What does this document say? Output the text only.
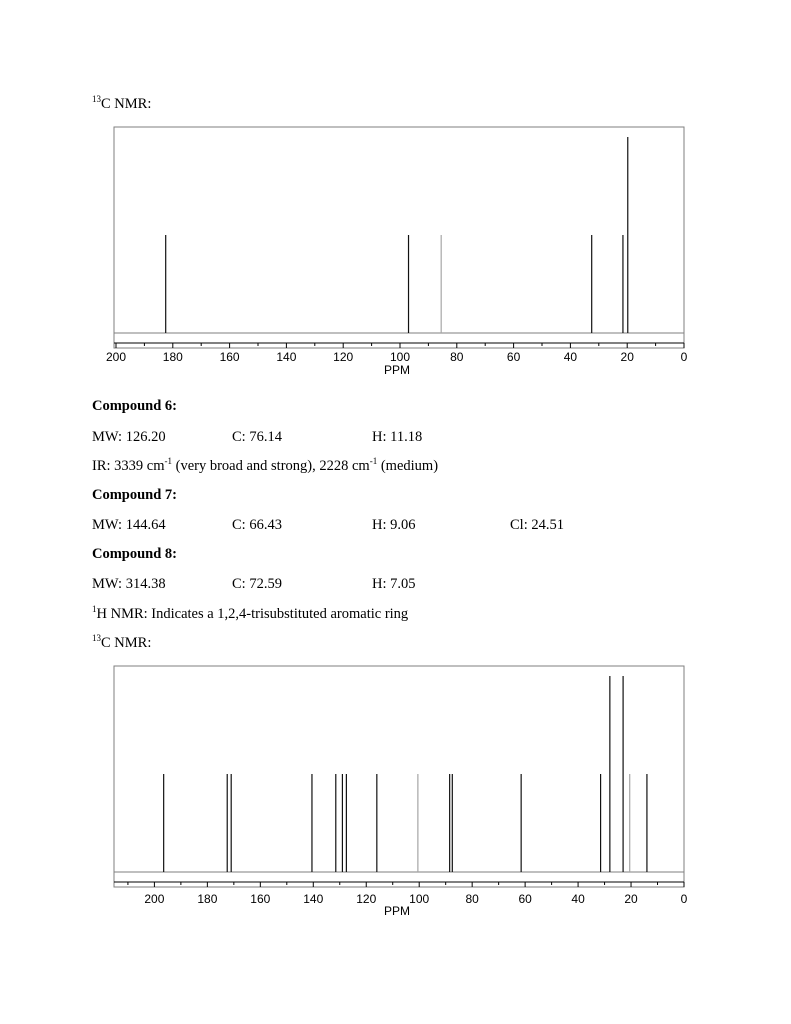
$^{13}$C NMR:
200	180	160	140	120	100	80	60	40	20	0
PPM
Compound 6:
MW: 126.20	C: 76.14	H: 11.18
IR: 3339 $cm^{-1}$ (very broad and strong), 2228 $cm^{-1}$ (medium)
Compound 7:
MW: 144.64	C: 66.43	H: 9.06	Cl: 24.51
Compound 8:
MW: 314.38	C: 72.59	H: 7.05
$^1$H NMR: Indicates a 1,2,4-trisubstituted aromatic ring
$^{13}$C NMR:
200	180	160	140	120	100	80	60	40	20	0
PPM
